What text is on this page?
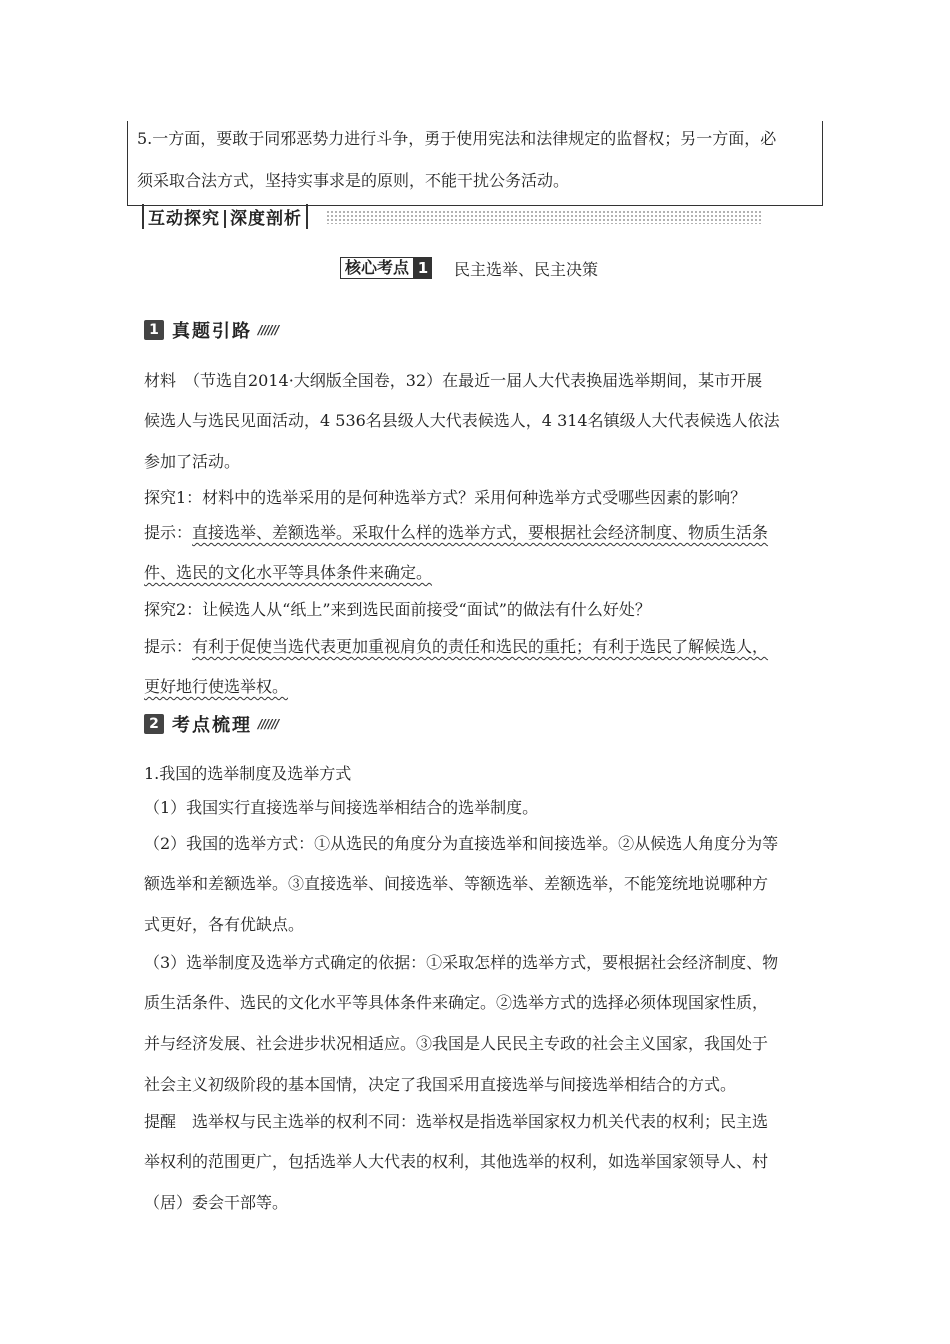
5.一方面，要敢于同邪恶势力进行斗争，勇于使用宪法和法律规定的监督权；另一方面，必
须采取合法方式，坚持实事求是的原则，不能干扰公务活动。
互动探究 深度剖析
核心考点 1 民主选举、民主决策
1 真题引路 //////
材料　（节选自2014·大纲版全国卷，32）在最近一届人大代表换届选举期间，某市开展
候选人与选民见面活动，4 536名县级人大代表候选人，4 314名镇级人大代表候选人依法
参加了活动。
探究1：材料中的选举采用的是何种选举方式？采用何种选举方式受哪些因素的影响？
提示：直接选举、差额选举。采取什么样的选举方式，要根据社会经济制度、物质生活条
件、选民的文化水平等具体条件来确定。
探究2：让候选人从“纸上”来到选民面前接受“面试”的做法有什么好处？
提示：有利于促使当选代表更加重视肩负的责任和选民的重托；有利于选民了解候选人，
更好地行使选举权。
2 考点梳理 //////
1.我国的选举制度及选举方式
（1）我国实行直接选举与间接选举相结合的选举制度。
（2）我国的选举方式：①从选民的角度分为直接选举和间接选举。②从候选人角度分为等
额选举和差额选举。③直接选举、间接选举、等额选举、差额选举，不能笼统地说哪种方
式更好，各有优缺点。
（3）选举制度及选举方式确定的依据：①采取怎样的选举方式，要根据社会经济制度、物
质生活条件、选民的文化水平等具体条件来确定。②选举方式的选择必须体现国家性质，
并与经济发展、社会进步状况相适应。③我国是人民民主专政的社会主义国家，我国处于
社会主义初级阶段的基本国情，决定了我国采用直接选举与间接选举相结合的方式。
提醒　选举权与民主选举的权利不同：选举权是指选举国家权力机关代表的权利；民主选
举权利的范围更广，包括选举人大代表的权利，其他选举的权利，如选举国家领导人、村
（居）委会干部等。
